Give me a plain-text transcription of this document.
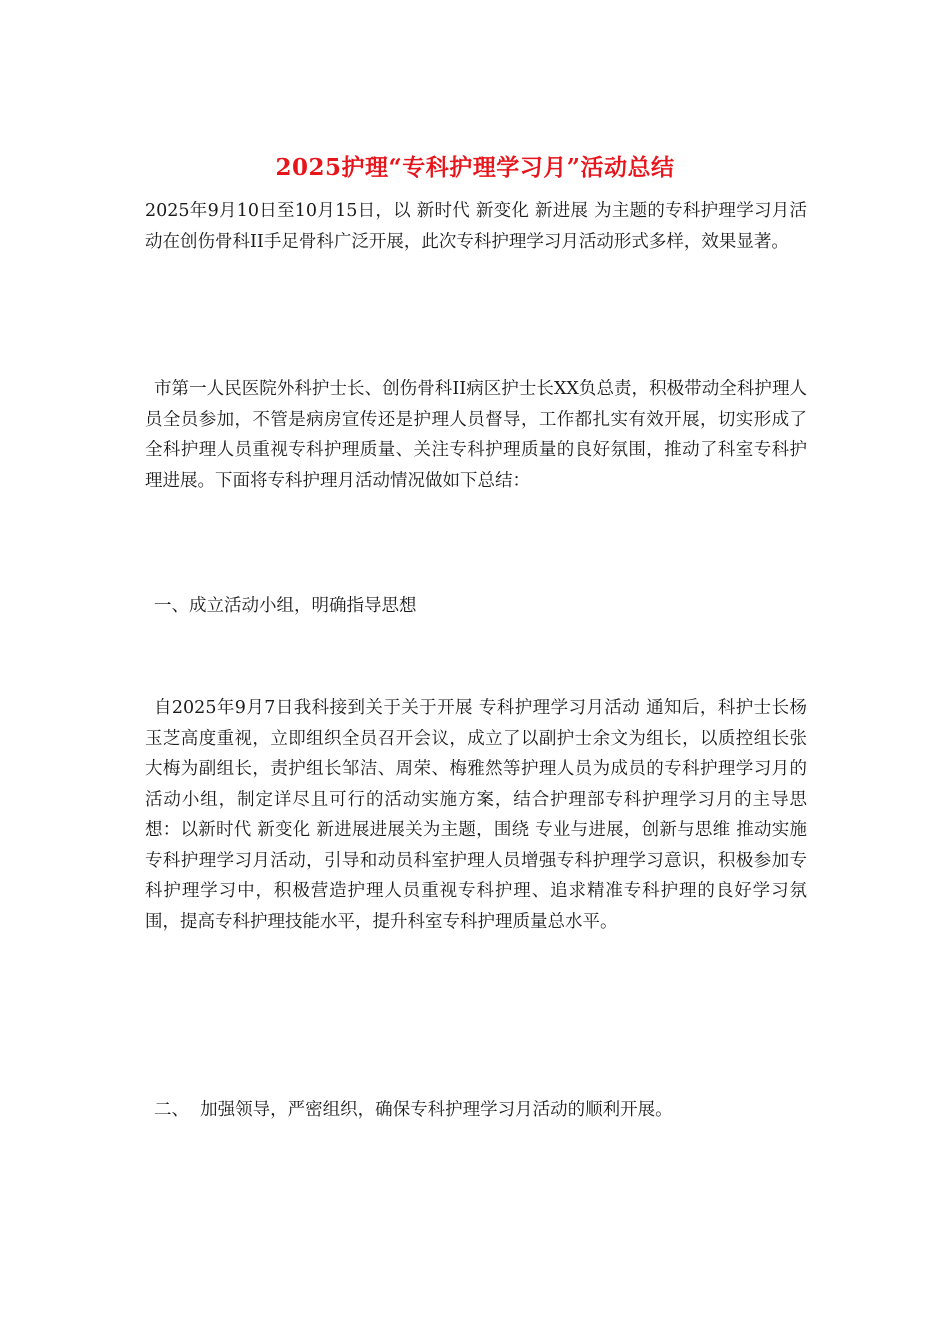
2025护理“专科护理学习月”活动总结

2025年9月10日至10月15日，以 新时代 新变化 新进展 为主题的专科护理学习月活动在创伤骨科II手足骨科广泛开展，此次专科护理学习月活动形式多样，效果显著。

市第一人民医院外科护士长、创伤骨科II病区护士长XX负总责，积极带动全科护理人员全员参加，不管是病房宣传还是护理人员督导，工作都扎实有效开展，切实形成了全科护理人员重视专科护理质量、关注专科护理质量的良好氛围，推动了科室专科护理进展。下面将专科护理月活动情况做如下总结：

一、成立活动小组，明确指导思想

自2025年9月7日我科接到关于关于开展 专科护理学习月活动 通知后，科护士长杨玉芝高度重视，立即组织全员召开会议，成立了以副护士余文为组长，以质控组长张大梅为副组长，责护组长邹洁、周荣、梅雅然等护理人员为成员的专科护理学习月的活动小组，制定详尽且可行的活动实施方案，结合护理部专科护理学习月的主导思想：以新时代 新变化 新进展进展关为主题，围绕 专业与进展，创新与思维 推动实施专科护理学习月活动，引导和动员科室护理人员增强专科护理学习意识，积极参加专科护理学习中，积极营造护理人员重视专科护理、追求精准专科护理的良好学习氛围，提高专科护理技能水平，提升科室专科护理质量总水平。

二、  加强领导，严密组织，确保专科护理学习月活动的顺利开展。
